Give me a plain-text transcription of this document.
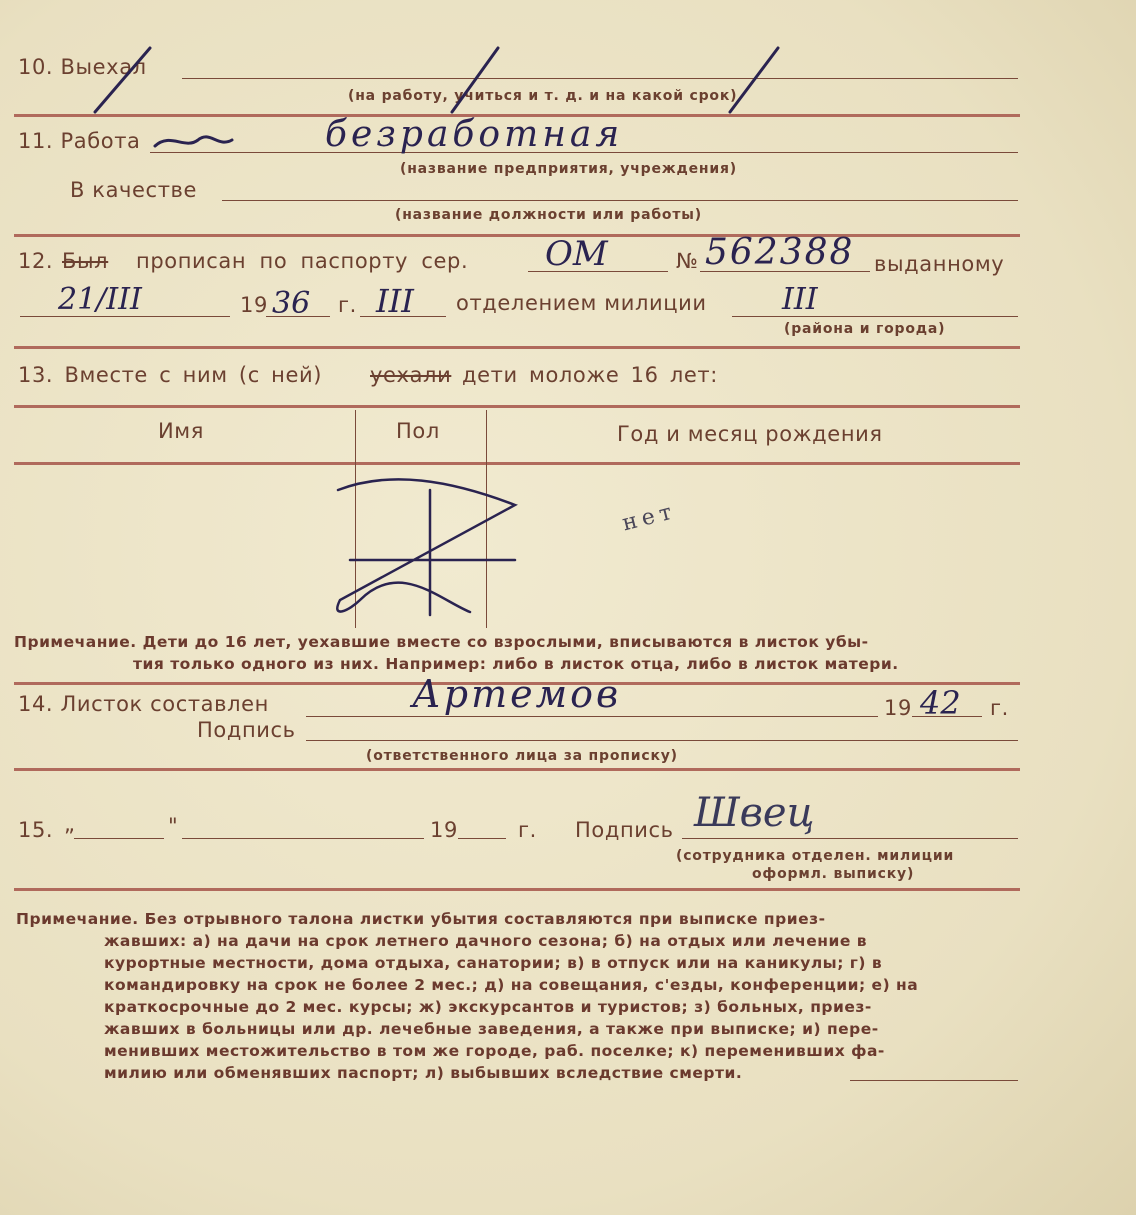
10. Выехал
(на работу, учиться и т. д. и на какой срок)
11. Работа	безработная
(название предприятия, учреждения)
В качестве
(название должности или работы)
12. Был прописан по паспорту сер. ОМ	№ 562388 выданному
21/III	19 36 г. III отделением милиции	III
(района и города)
13. Вместе с ним (с ней) уехали дети моложе 16 лет:
Имя	Пол	Год и месяц рождения
нет
Примечание. Дети до 16 лет, уехавшие вместе со взрослыми, вписываются в листок убы-
тия только одного из них. Например: либо в листок отца, либо в листок матери.
14. Листок составлен	Артемов	19 42 г.
Подпись
(ответственного лица за прописку)
15. „	"	19	г. Подпись Швец
(сотрудника отделен. милиции
оформл. выписку)
Примечание. Без отрывного талона листки убытия составляются при выписке приез-
жавших: а) на дачи на срок летнего дачного сезона; б) на отдых или лечение в
курортные местности, дома отдыха, санатории; в) в отпуск или на каникулы; г) в
командировку на срок не более 2 мес.; д) на совещания, с'езды, конференции; е) на
краткосрочные до 2 мес. курсы; ж) экскурсантов и туристов; з) больных, приез-
жавших в больницы или др. лечебные заведения, а также при выписке; и) пере-
менивших местожительство в том же городе, раб. поселке; к) переменивших фа-
милию или обменявших паспорт; л) выбывших вследствие смерти.
